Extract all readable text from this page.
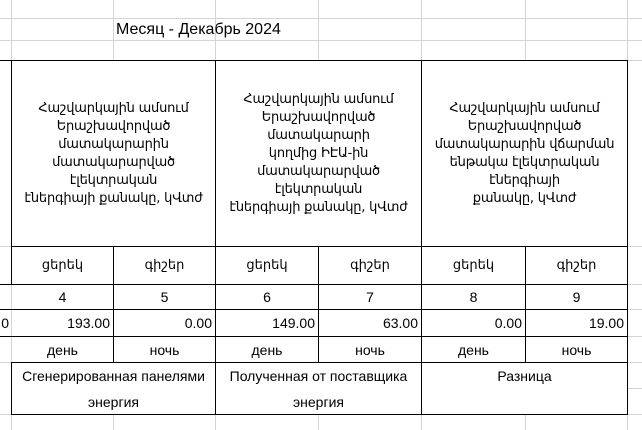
Месяц - Декабрь 2024
Հաշվարկային ամսում
Երաշխավորված
մատակարարին
մատակարարված էլեկտրական
էներգիայի քանակը, կՎտժ
Հաշվարկային ամսում
Երաշխավորված մատակարարի
կողմից ԻԷԱ-ին
մատակարարված էլեկտրական
էներգիայի քանակը, կՎտժ
Հաշվարկային ամսում
Երաշխավորված
մատակարարին վճարման
ենթակա էլեկտրական էներգիայի
քանակը, կՎտժ
ցերեկ	գիշեր	ցերեկ	գիշեր	ցերեկ	գիշեր
4	5	6	7	8	9
0	193.00	0.00	149.00	63.00	0.00	19.00
день	ночь	день	ночь	день	ночь
Сгенерированная панелями
энергия
Полученная от поставщика
энергия
Разница
